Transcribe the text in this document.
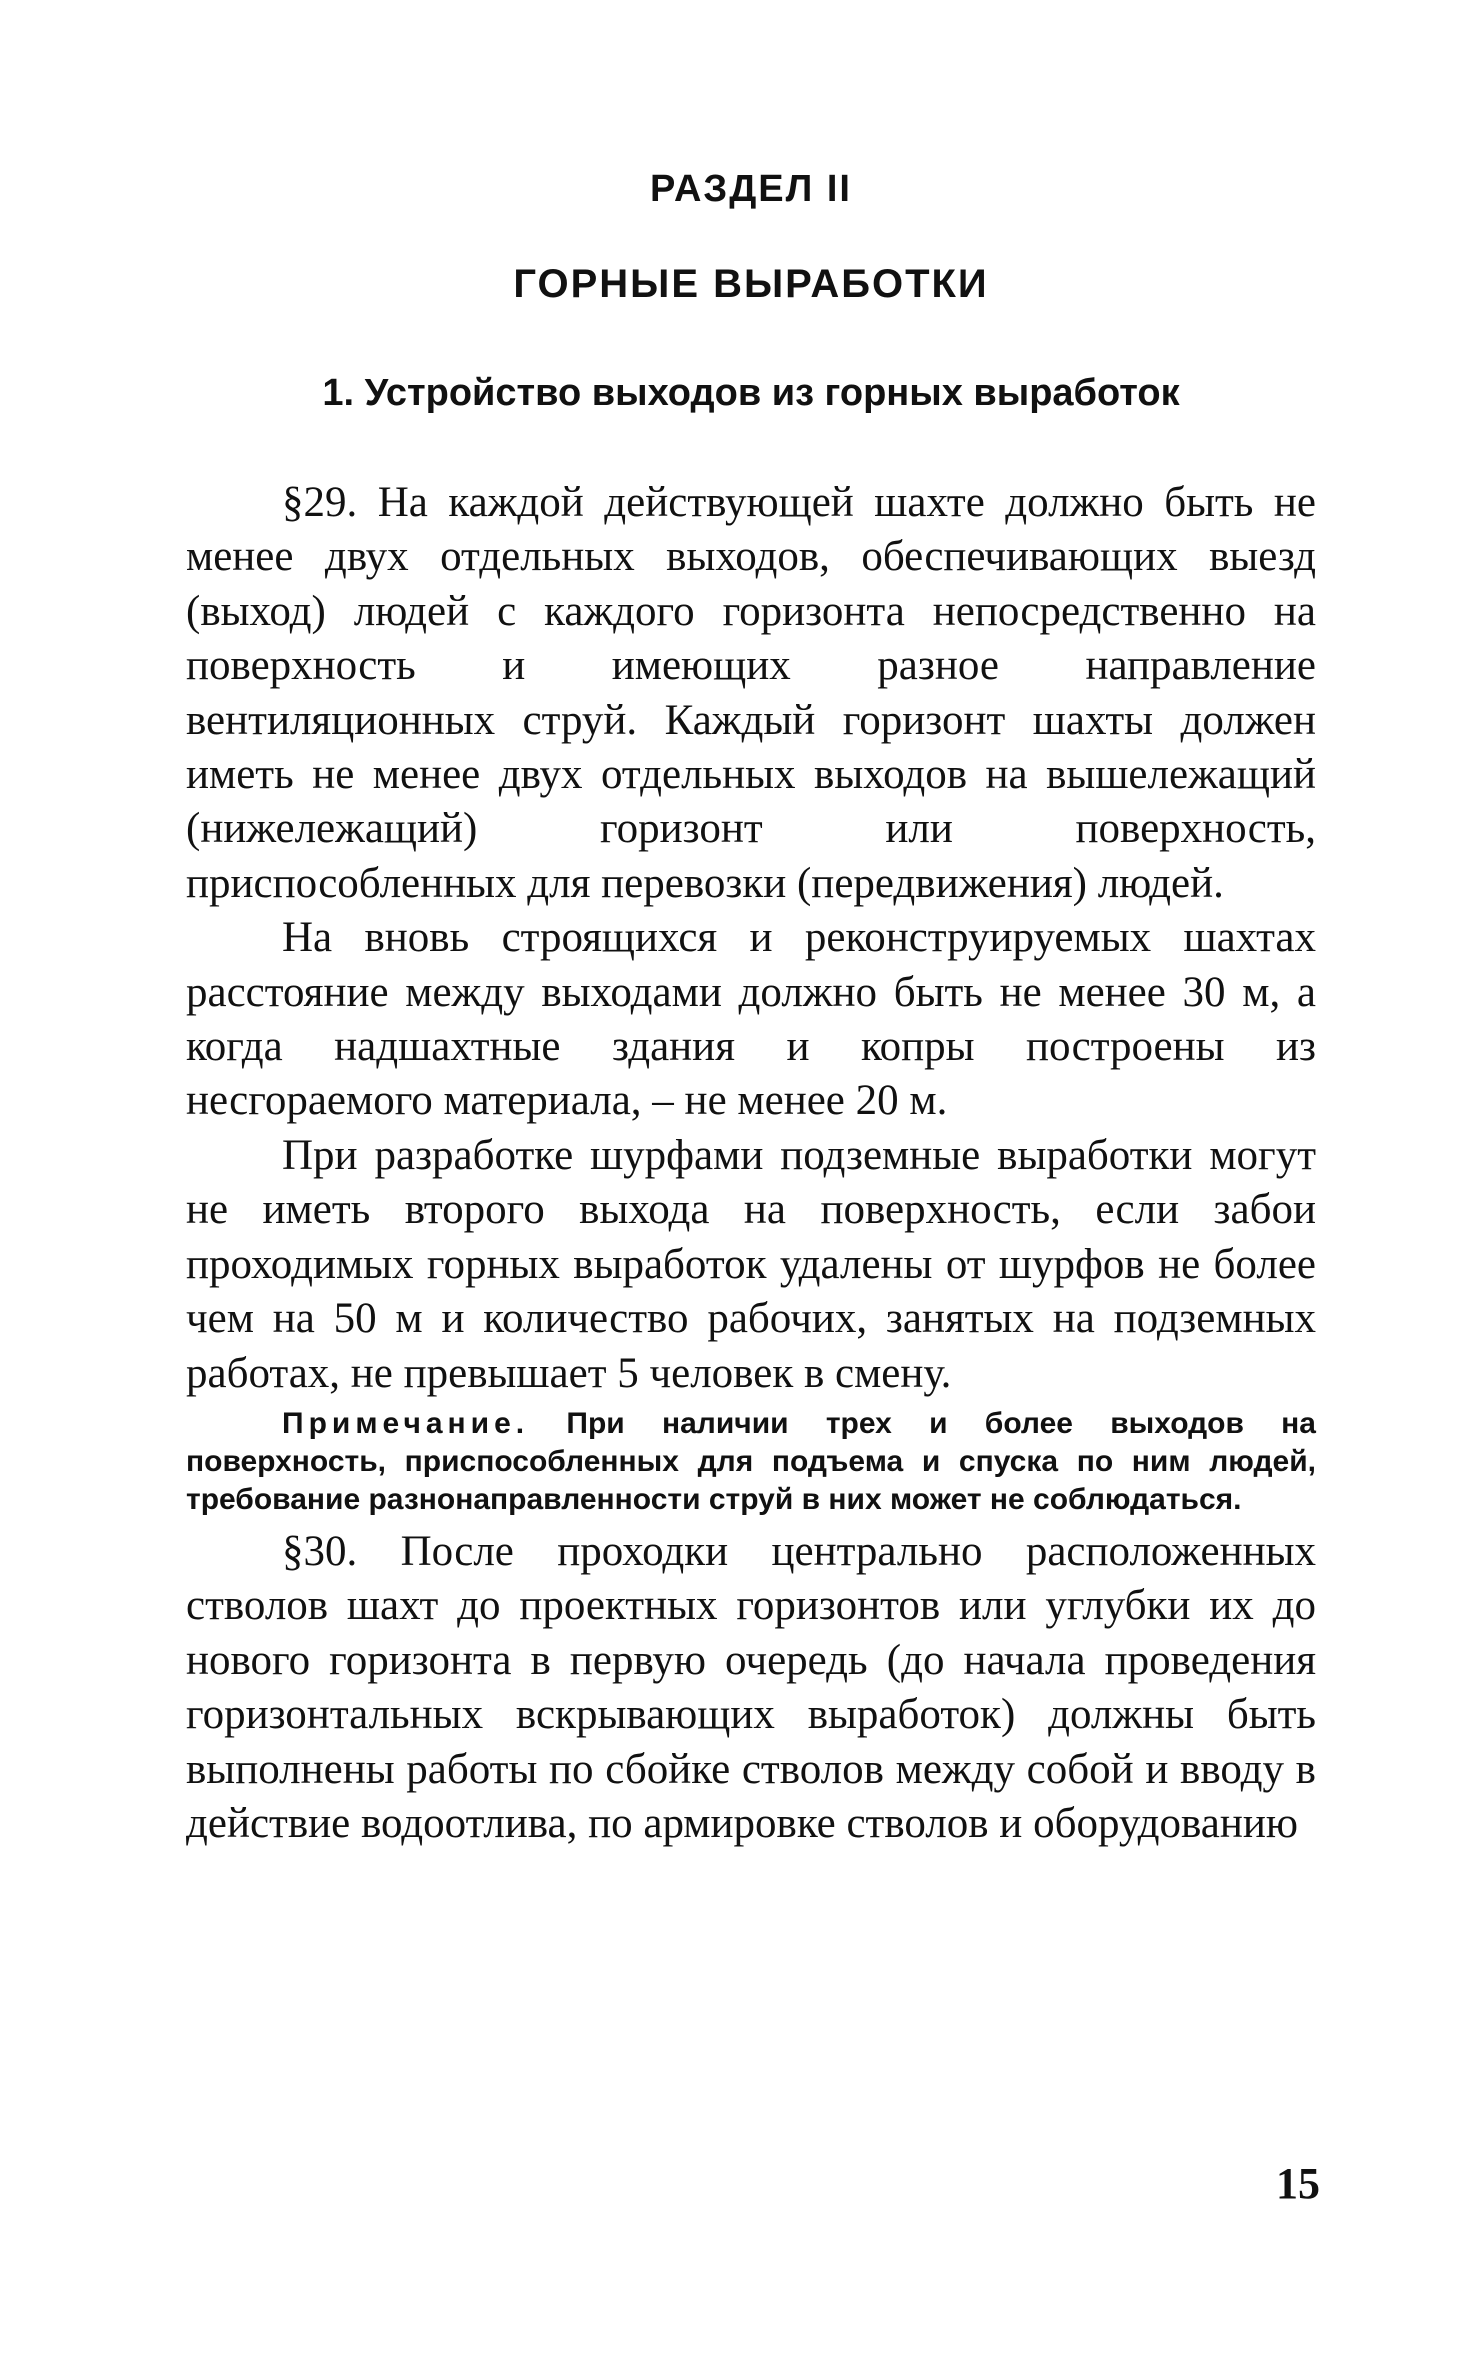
РАЗДЕЛ II
ГОРНЫЕ ВЫРАБОТКИ
1. Устройство выходов из горных выработок

§29. На каждой действующей шахте должно быть не менее двух отдельных выходов, обеспечивающих выезд (выход) людей с каждого горизонта непосредственно на поверхность и имеющих разное направление вентиляционных струй. Каждый горизонт шахты должен иметь не менее двух отдельных выходов на вышележащий (нижележащий) горизонт или поверхность, приспособленных для перевозки (передвижения) людей.

На вновь строящихся и реконструируемых шахтах расстояние между выходами должно быть не менее 30 м, а когда надшахтные здания и копры построены из несгораемого материала, – не менее 20 м.

При разработке шурфами подземные выработки могут не иметь второго выхода на поверхность, если забои проходимых горных выработок удалены от шурфов не более чем на 50 м и количество рабочих, занятых на подземных работах, не превышает 5 человек в смену.

Примечание. При наличии трех и более выходов на поверхность, приспособленных для подъема и спуска по ним людей, требование разнонаправленности струй в них может не соблюдаться.

§30. После проходки центрально расположенных стволов шахт до проектных горизонтов или углубки их до нового горизонта в первую очередь (до начала проведения горизонтальных вскрывающих выработок) должны быть выполнены работы по сбойке стволов между собой и вводу в действие водоотлива, по армировке стволов и оборудованию

15
